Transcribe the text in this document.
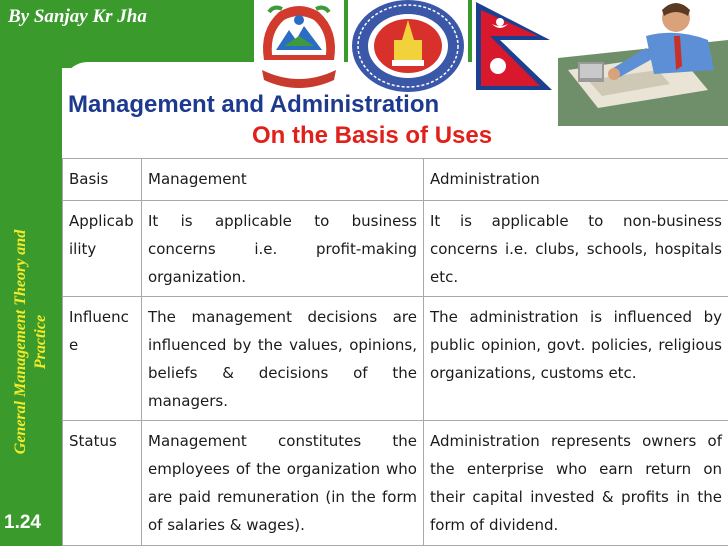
By Sanjay Kr Jha
General Management Theory and Practice
1.24
Management and Administration
On the Basis of Uses
Basis	Management	Administration
Applicability	It is applicable to business concerns i.e. profit-making organization.	It is applicable to non-business concerns i.e. clubs, schools, hospitals etc.
Influence	The management decisions are influenced by the values, opinions, beliefs & decisions of the managers.	The administration is influenced by public opinion, govt. policies, religious organizations, customs etc.
Status	Management constitutes the employees of the organization who are paid remuneration (in the form of salaries & wages).	Administration represents owners of the enterprise who earn return on their capital invested & profits in the form of dividend.
